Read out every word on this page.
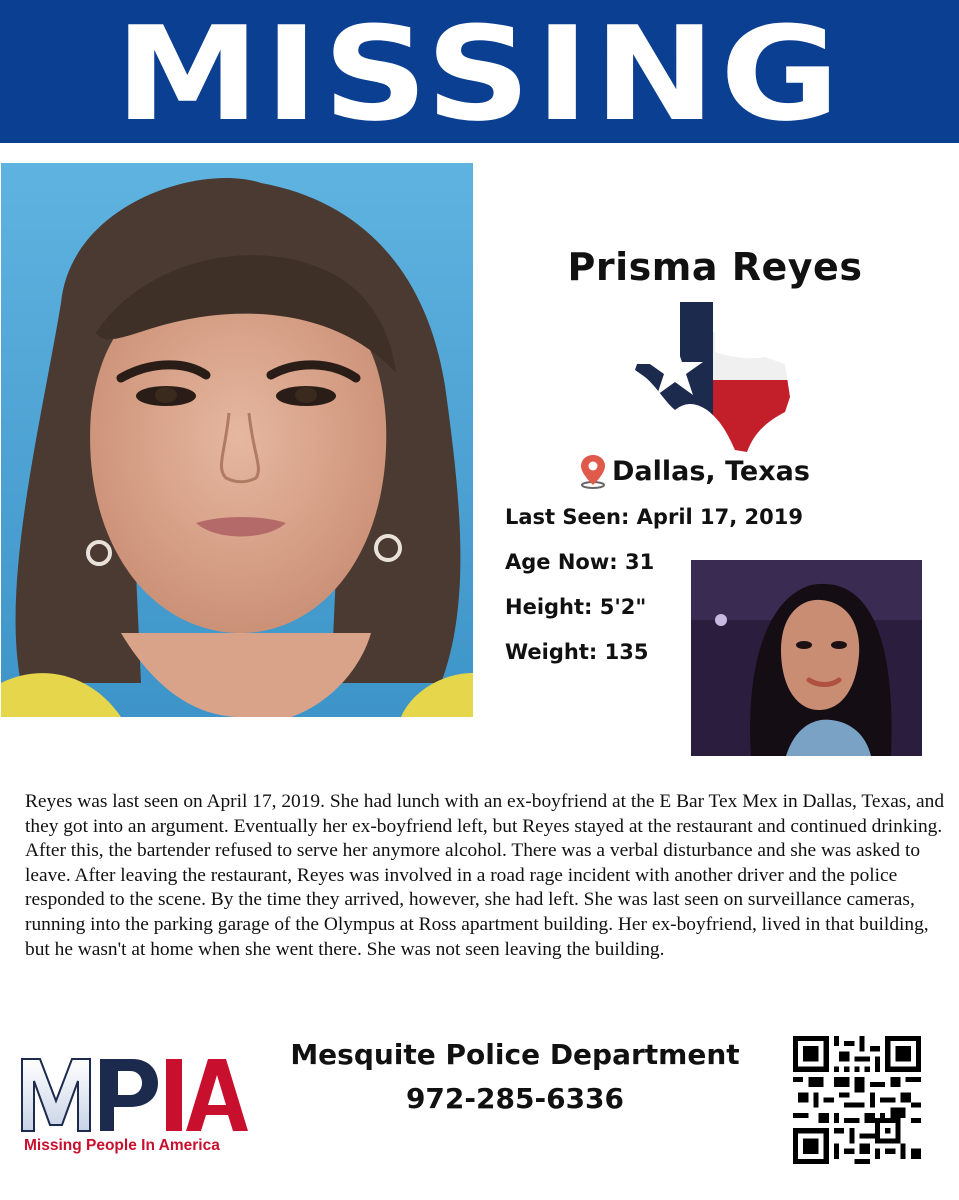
MISSING
Prisma Reyes
Dallas, Texas
Last Seen: April 17, 2019
Age Now: 31
Height: 5'2"
Weight: 135
Reyes was last seen on April 17, 2019. She had lunch with an ex-boyfriend at the E Bar Tex Mex in Dallas, Texas, and they got into an argument. Eventually her ex-boyfriend left, but Reyes stayed at the restaurant and continued drinking. After this, the bartender refused to serve her anymore alcohol. There was a verbal disturbance and she was asked to leave. After leaving the restaurant, Reyes was involved in a road rage incident with another driver and the police responded to the scene. By the time they arrived, however, she had left. She was last seen on surveillance cameras, running into the parking garage of the Olympus at Ross apartment building. Her ex-boyfriend, lived in that building, but he wasn't at home when she went there. She was not seen leaving the building.
Missing People In America
Mesquite Police Department
972-285-6336
